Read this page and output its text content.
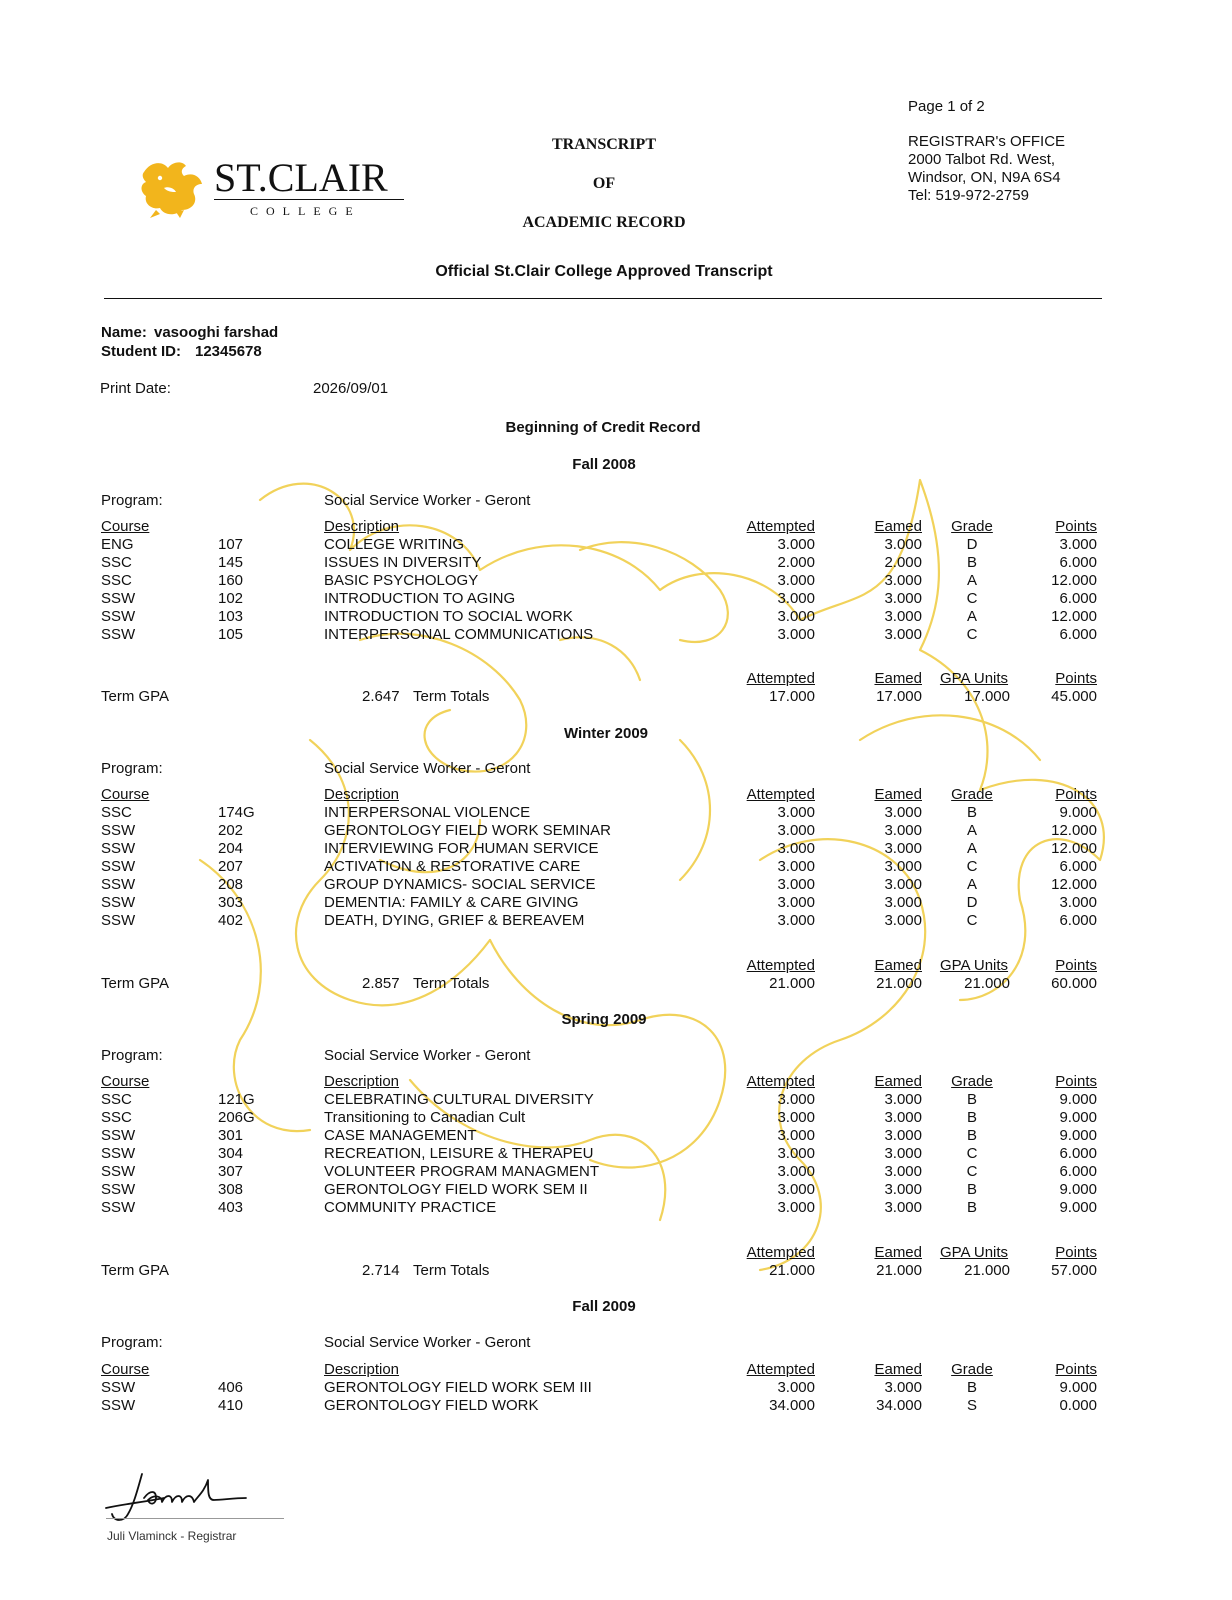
ST.CLAIR
COLLEGE
TRANSCRIPT
OF
ACADEMIC RECORD
Page 1 of 2
REGISTRAR's OFFICE
2000 Talbot Rd. West,
Windsor, ON, N9A 6S4
Tel: 519-972-2759
Official St.Clair College Approved Transcript
Name: vasooghi farshad
Student ID: 12345678
Print Date:	2026/09/01
Beginning of Credit Record
Fall 2008
Program:	Social Service Worker - Geront
Course	Description	Attempted	Eamed	Grade	Points
ENG	107	COLLEGE WRITING	3.000	3.000	D	3.000
SSC	145	ISSUES IN DIVERSITY	2.000	2.000	B	6.000
SSC	160	BASIC PSYCHOLOGY	3.000	3.000	A	12.000
SSW	102	INTRODUCTION TO AGING	3.000	3.000	C	6.000
SSW	103	INTRODUCTION TO SOCIAL WORK	3.000	3.000	A	12.000
SSW	105	INTERPERSONAL COMMUNICATIONS	3.000	3.000	C	6.000
Attempted	Eamed	GPA Units	Points
Term GPA	2.647 Term Totals	17.000	17.000	17.000	45.000
Winter 2009
Program:	Social Service Worker - Geront
Course	Description	Attempted	Eamed	Grade	Points
SSC	174G	INTERPERSONAL VIOLENCE	3.000	3.000	B	9.000
SSW	202	GERONTOLOGY FIELD WORK SEMINAR	3.000	3.000	A	12.000
SSW	204	INTERVIEWING FOR HUMAN SERVICE	3.000	3.000	A	12.000
SSW	207	ACTIVATION & RESTORATIVE CARE	3.000	3.000	C	6.000
SSW	208	GROUP DYNAMICS- SOCIAL SERVICE	3.000	3.000	A	12.000
SSW	303	DEMENTIA: FAMILY & CARE GIVING	3.000	3.000	D	3.000
SSW	402	DEATH, DYING, GRIEF & BEREAVEM	3.000	3.000	C	6.000
Attempted	Eamed	GPA Units	Points
Term GPA	2.857 Term Totals	21.000	21.000	21.000	60.000
Spring 2009
Program:	Social Service Worker - Geront
Course	Description	Attempted	Eamed	Grade	Points
SSC	121G	CELEBRATING CULTURAL DIVERSITY	3.000	3.000	B	9.000
SSC	206G	Transitioning to Canadian Cult	3.000	3.000	B	9.000
SSW	301	CASE MANAGEMENT	3.000	3.000	B	9.000
SSW	304	RECREATION, LEISURE & THERAPEU	3.000	3.000	C	6.000
SSW	307	VOLUNTEER PROGRAM MANAGMENT	3.000	3.000	C	6.000
SSW	308	GERONTOLOGY FIELD WORK SEM II	3.000	3.000	B	9.000
SSW	403	COMMUNITY PRACTICE	3.000	3.000	B	9.000
Attempted	Eamed	GPA Units	Points
Term GPA	2.714 Term Totals	21.000	21.000	21.000	57.000
Fall 2009
Program:	Social Service Worker - Geront
Course	Description	Attempted	Eamed	Grade	Points
SSW	406	GERONTOLOGY FIELD WORK SEM III	3.000	3.000	B	9.000
SSW	410	GERONTOLOGY FIELD WORK	34.000	34.000	S	0.000
Juli Vlaminck - Registrar
